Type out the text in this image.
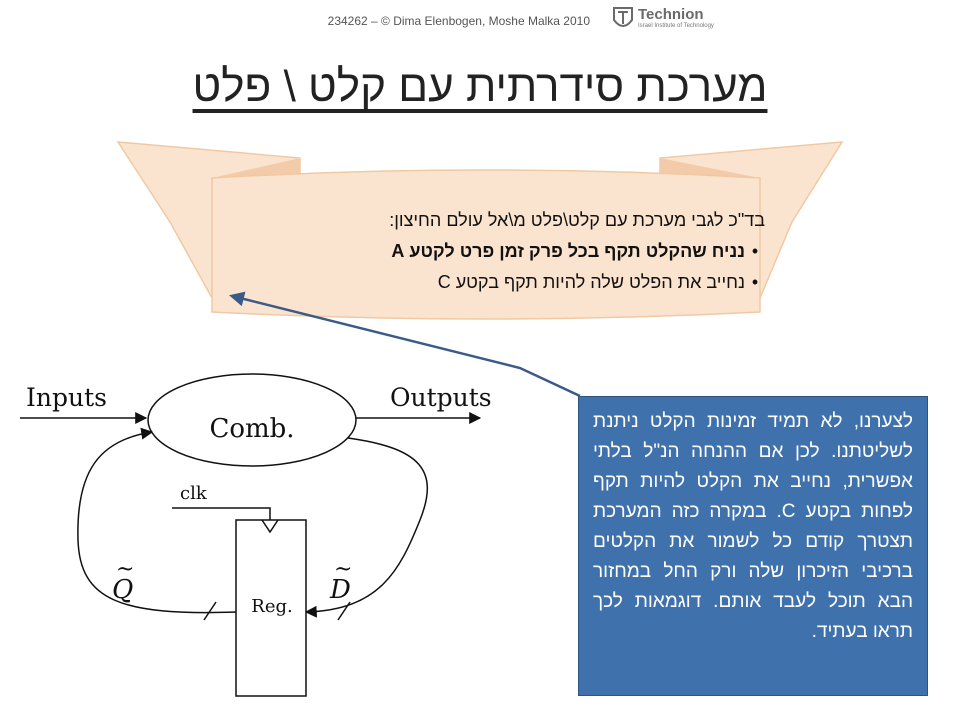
234262 – © Dima Elenbogen, Moshe Malka 2010	Technion
Israel Institute of Technology
מערכת סידרתית עם קלט \ פלט
בד"כ לגבי מערכת עם קלט\פלט מ\אל עולם החיצון:
•נניח שהקלט תקף בכל פרק זמן פרט לקטע A
•נחייב את הפלט שלה להיות תקף בקטע C
Inputs
Comb.
Outputs
Reg.
clk
~
Q
~
D
לצערנו, לא תמיד זמינות הקלט ניתנת לשליטתנו. לכן אם ההנחה הנ"ל בלתי אפשרית, נחייב את הקלט להיות תקף לפחות בקטע C. במקרה כזה המערכת תצטרך קודם כל לשמור את הקלטים ברכיבי הזיכרון שלה ורק החל במחזור הבא תוכל לעבד אותם. דוגמאות לכך תראו בעתיד.
